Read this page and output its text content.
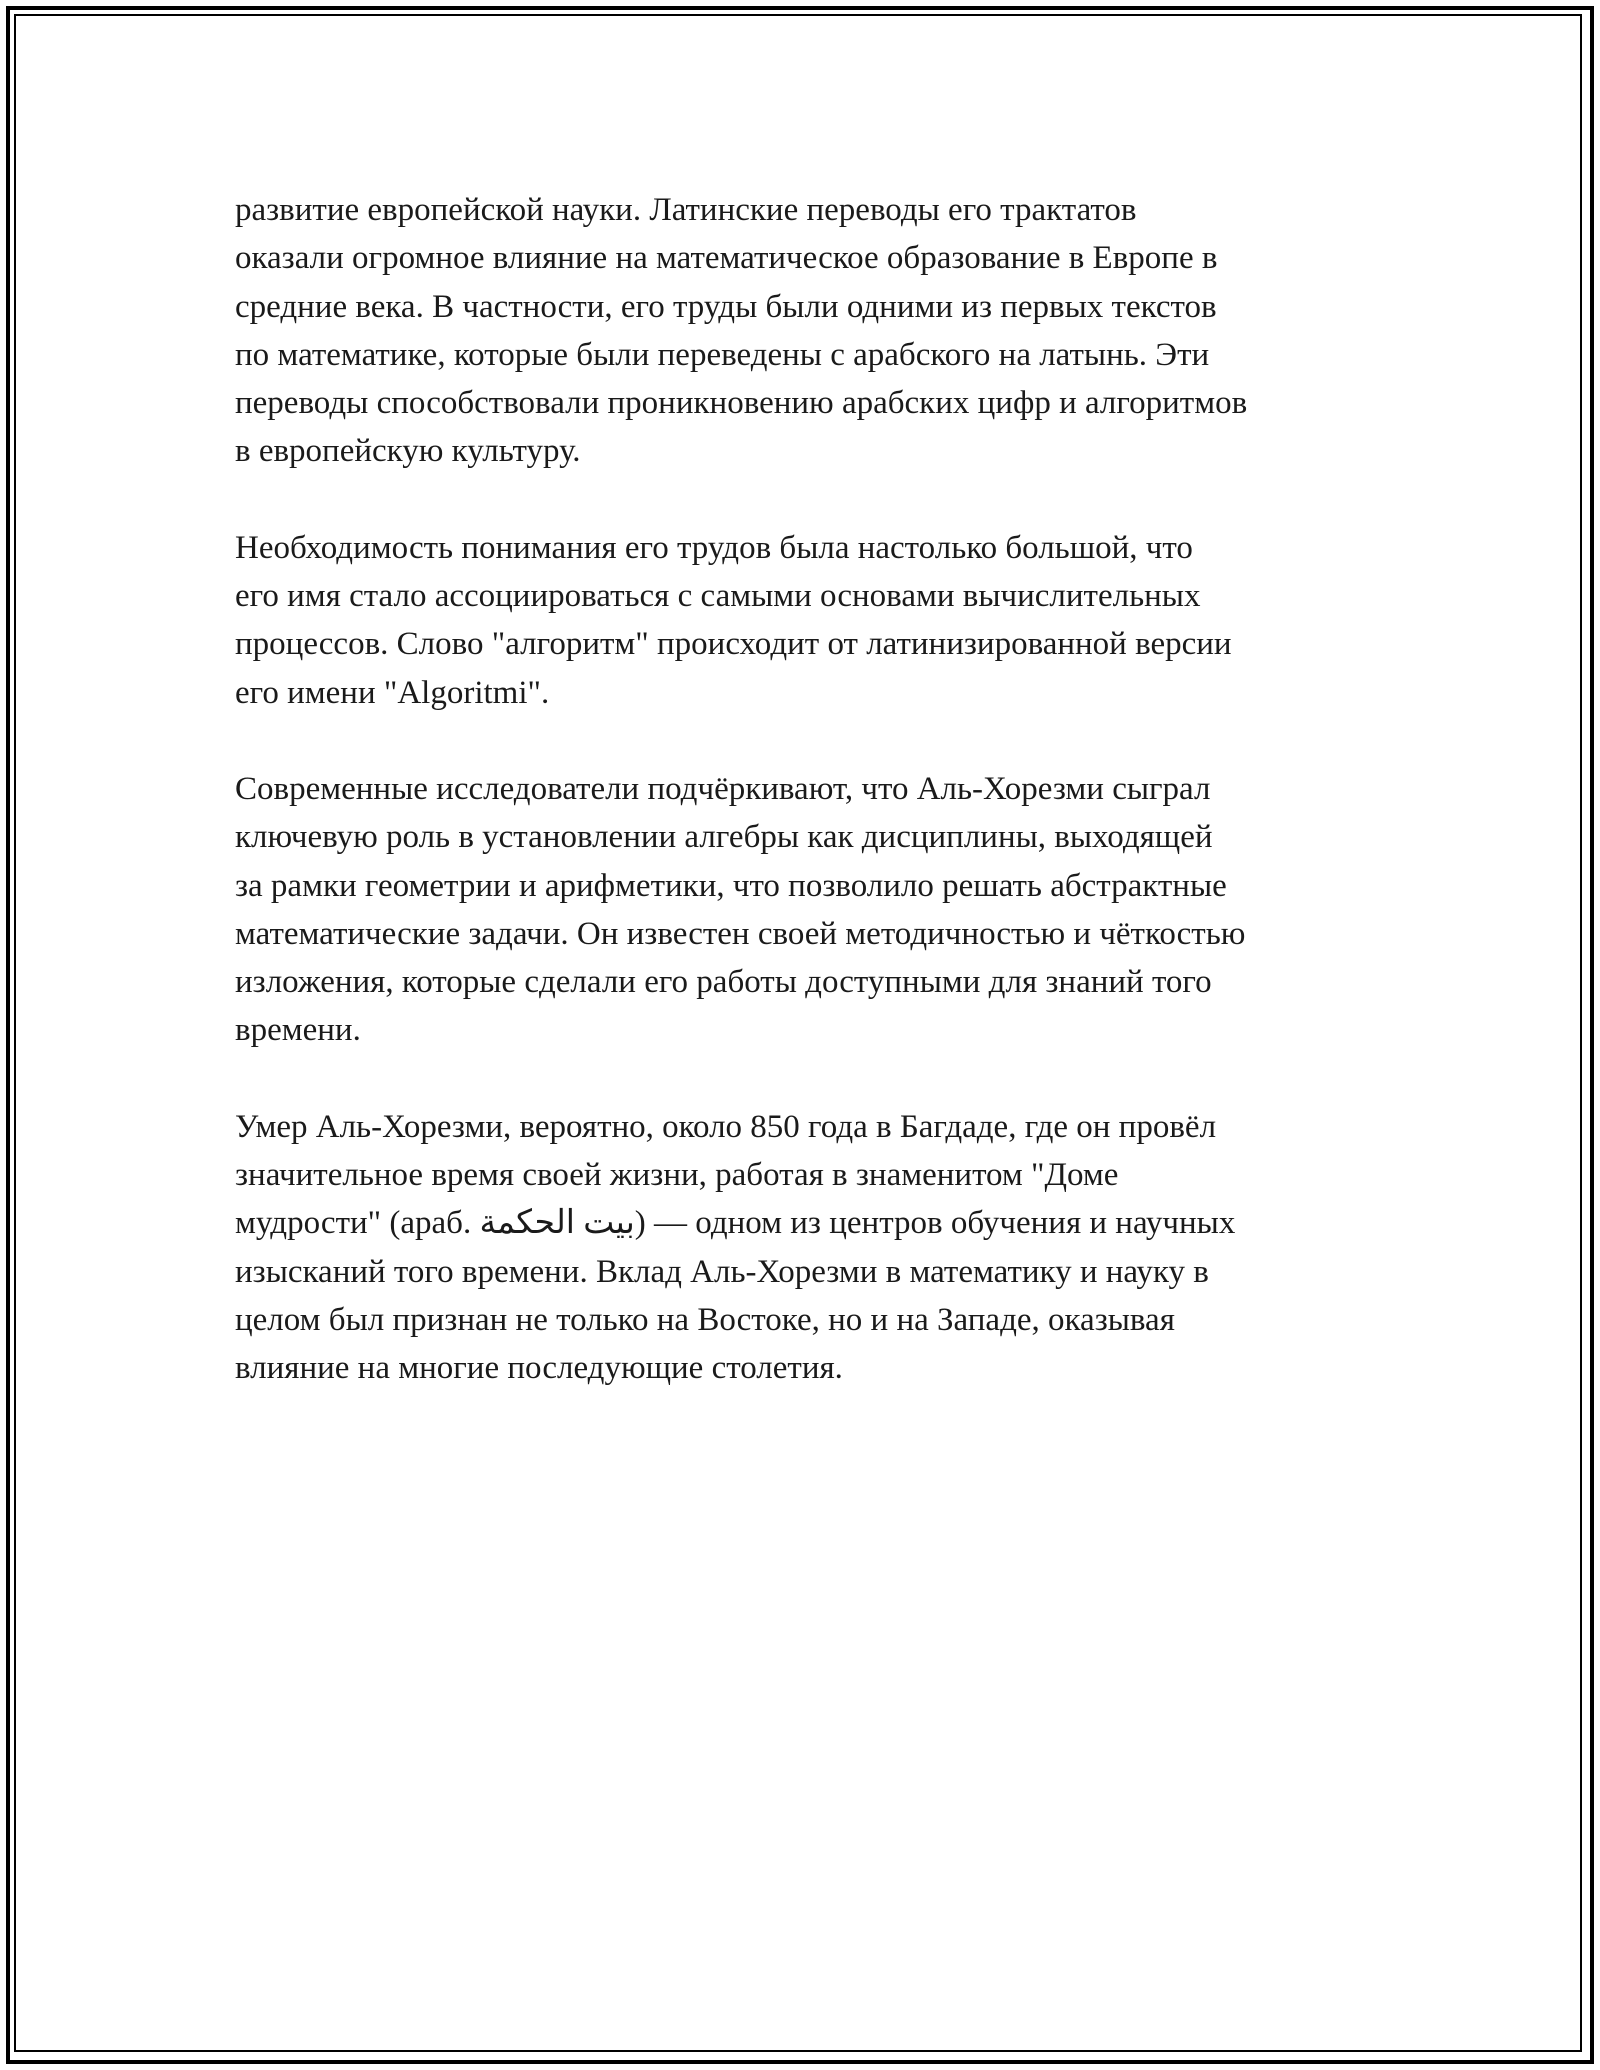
развитие европейской науки. Латинские переводы его трактатов
оказали огромное влияние на математическое образование в Европе в
средние века. В частности, его труды были одними из первых текстов
по математике, которые были переведены с арабского на латынь. Эти
переводы способствовали проникновению арабских цифр и алгоритмов
в европейскую культуру.

Необходимость понимания его трудов была настолько большой, что
его имя стало ассоциироваться с самыми основами вычислительных
процессов. Слово "алгоритм" происходит от латинизированной версии
его имени "Algoritmi".

Современные исследователи подчёркивают, что Аль-Хорезми сыграл
ключевую роль в установлении алгебры как дисциплины, выходящей
за рамки геометрии и арифметики, что позволило решать абстрактные
математические задачи. Он известен своей методичностью и чёткостью
изложения, которые сделали его работы доступными для знаний того
времени.

Умер Аль-Хорезми, вероятно, около 850 года в Багдаде, где он провёл
значительное время своей жизни, работая в знаменитом "Доме
мудрости" (араб. بيت الحكمة) — одном из центров обучения и научных
изысканий того времени. Вклад Аль-Хорезми в математику и науку в
целом был признан не только на Востоке, но и на Западе, оказывая
влияние на многие последующие столетия.
